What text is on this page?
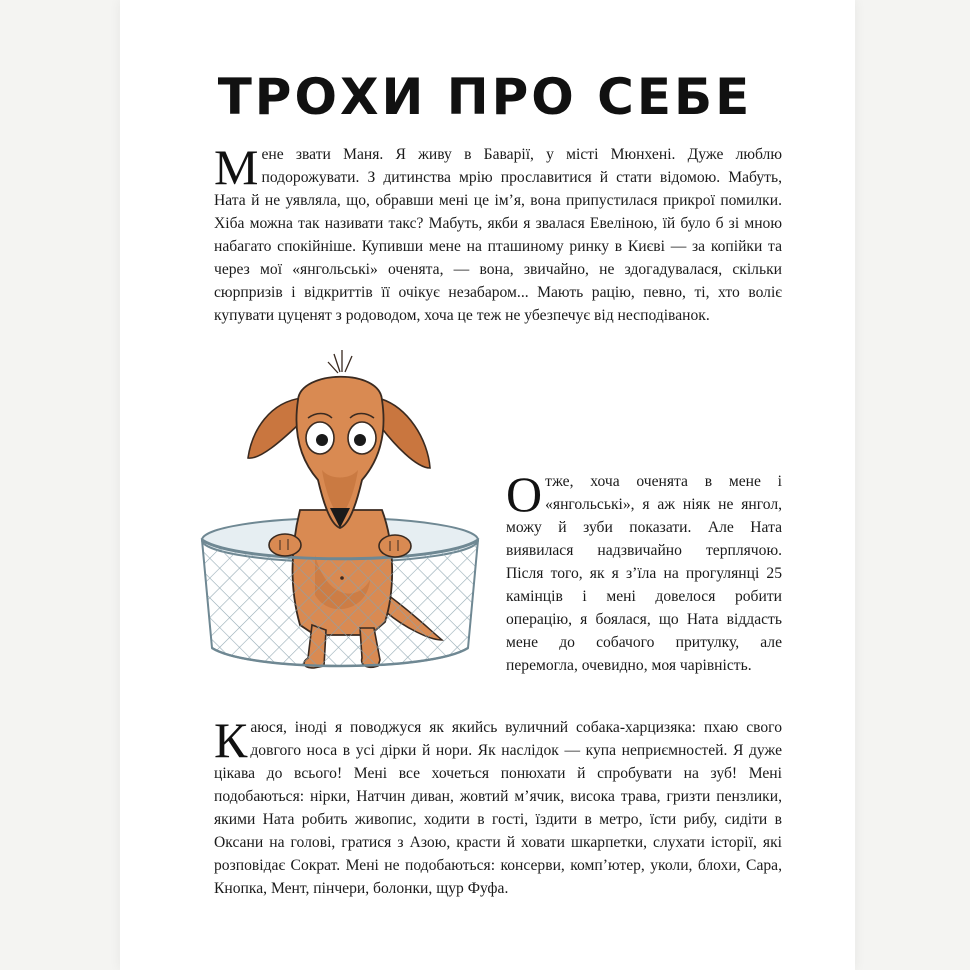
ТРОХИ ПРО СЕБЕ

Мене звати Маня. Я живу в Баварії, у місті Мюнхені. Дуже люблю подорожувати. З дитинства мрію прославитися й стати відомою. Мабуть, Ната й не уявляла, що, обравши мені це ім’я, вона припустилася прикрої помилки. Хіба можна так називати такс? Мабуть, якби я звалася Евеліною, їй було б зі мною набагато спокійніше. Купивши мене на пташиному ринку в Києві — за копійки та через мої «янгольські» оченята, — вона, звичайно, не здогадувалася, скільки сюрпризів і відкриттів її очікує незабаром... Мають рацію, певно, ті, хто воліє купувати цуценят з родоводом, хоча це теж не убезпечує від несподіванок.

Отже, хоча оченята в мене і «янгольські», я аж ніяк не янгол, можу й зуби показати. Але Ната виявилася надзвичайно терплячою. Після того, як я з’їла на прогулянці 25 камінців і мені довелося робити операцію, я боялася, що Ната віддасть мене до собачого притулку, але перемогла, очевидно, моя чарівність.

Каюся, іноді я поводжуся як якийсь вуличний собака-харцизяка: пхаю свого довгого носа в усі дірки й нори. Як наслідок — купа неприємностей. Я дуже цікава до всього! Мені все хочеться понюхати й спробувати на зуб! Мені подобаються: нірки, Натчин диван, жовтий м’ячик, висока трава, гризти пензлики, якими Ната робить живопис, ходити в гості, їздити в метро, їсти рибу, сидіти в Оксани на голові, гратися з Азою, красти й ховати шкарпетки, слухати історії, які розповідає Сократ. Мені не подобаються: консерви, комп’ютер, уколи, блохи, Сара, Кнопка, Мент, пінчери, болонки, щур Фуфа.
